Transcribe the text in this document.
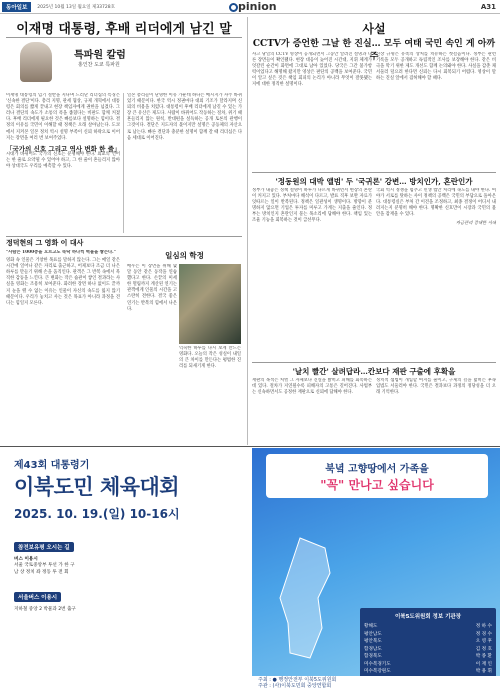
동아일보	2025년 10월 13일 월요일 제33728호	pinion	A31
이재명 대통령, 후배 리더에게 남긴 말
특파원 칼럼
홍인찬 도쿄 특파원
이재명 대통령의 임기 절반을 지나며 드러난 리더십의 특징은 '신속한 결단'이다. 총리 지명, 관세 협상, 규제 개혁에서 대통령은 회의를 짧게 끝내고 현장 책임자에게 권한을 넘겼다. 그러나 결단의 속도가 소통의 폭을 좁혔다는 비판도 함께 커졌다. 후배 리더에게 필요한 것은 빠름보다 설명하는 힘이다. 결정의 이유를 국민이 이해할 때 정책은 오래 살아남는다. 도쿄에서 지켜본 일본 정치 역시 설명 부족이 신뢰 하락으로 이어지는 장면을 여러 번 보여주었다.
「국가의 신호 그리고 역사 변화 한 줄」
시대가 바뀌어도 국가의 신호는 분명해야 한다. 외교의 언어는 한 줄로 요약될 수 있어야 하고, 그 한 줄이 흔들리지 않아야 상대국도 우리를 예측할 수 있다.
일본 총리들이 단명한 이유 가운데 하나는 메시지가 자주 바뀌었기 때문이다. 한국 역시 정권마다 대외 기조가 달라지며 신뢰의 비용을 치렀다. 대통령이 후배 리더에게 남길 수 있는 가장 큰 유산은 제도다. 사람이 바뀌어도 작동하는 절차, 위기 때 흔들리지 않는 원칙, 반대편을 설득하는 공개 토론의 관행이 그것이다. 결단은 지도자의 몫이지만 설명은 공동체의 자산으로 남는다. 빠른 결단과 충분한 설명이 함께 갈 때 리더십은 다음 세대로 이어진다.
정덕현의 그 영화 이 대사
"사람은 1000층을 오르고도 뚝딱 하나씩 벽돌을 쌓는다."
영화 속 인물은 거창한 목표를 말하지 않는다. 그는 매일 같은 시간에 일어나 같은 자리로 출근하고, 어제보다 조금 더 나은 하루를 만들기 위해 손을 움직인다. 관객은 그 반복 속에서 묵직한 감동을 느낀다. 큰 변화는 작은 습관이 쌓인 결과라는 사실을 영화는 조용히 보여준다. 화려한 장면 하나 없이도 끝까지 눈을 뗄 수 없는 이유는 인물이 자신의 속도를 잃지 않기 때문이다. 우리가 놓치고 사는 것은 목표가 아니라 과정을 견디는 힘일지 모른다.
일심의 학정
배우는 이 장면을 위해 몇 달 동안 같은 동작을 연습했다고 한다. 손끝의 미세한 떨림까지 계산된 연기는 관객에게 인물의 시간을 고스란히 전한다. 결국 좋은 연기는 반복의 힘에서 나온다.
익숙한 하루를 다시 보게 만드는 영화다. 오늘의 작은 성실이 내일의 큰 차이를 만든다는 평범한 진리를 되새기게 한다.
사설
CCTV가 증언한 그날 한 진실… 모두 여태 국민 속인 게 아까 주
사고 당일의 CCTV 영상이 공개되면서 그동안 알려진 설명과 다른 장면들이 확인됐다. 현장 대응이 늦어진 시간대, 지휘 체계가 엇갈린 순간이 화면에 그대로 남아 있었다. 당국은 그간 불가항력이었다고 해명해 왔지만 영상은 판단의 공백을 보여준다. 국민이 알고 싶은 것은 책임 회피의 논리가 아니라 무엇이 잘못됐는지에 대한 정직한 설명이다.
진상 규명은 유족의 상처를 치유하는 첫걸음이다. 정부는 관련 기록을 모두 공개하고 독립적인 조사를 보장해야 한다. 같은 비극을 막기 위한 제도 개선도 함께 논의돼야 한다. 사실을 감춘 채 서둘러 덮으려 한다면 신뢰는 다시 회복되기 어렵다. 영상이 말하는 진실 앞에서 겸허해야 할 때다.
'정동원의 대박 앨범' 두 '국귀론' 강변… 방치인가, 혼란인가
정부가 내놓은 정책 설명이 하루가 다르게 바뀌면서 현장의 혼란이 커지고 있다. 부처마다 해석이 다르고, 발표 직후 보완 자료가 잇따르는 일이 반복된다. 정책은 일관성이 생명이다. 방향이 분명하지 않으면 기업은 투자를 미루고 가계는 지출을 줄인다. 정부는 방치인지 혼란인지 묻는 목소리에 답해야 한다. 책임 있는 조율 기능을 회복하는 것이 급선무다.
국회 역시 정쟁을 멈추고 민생 법안 처리에 속도를 내야 한다. 여야가 서로를 탓하는 사이 정책의 공백은 국민의 부담으로 돌아온다. 대통령실은 부처 간 이견을 조정하고, 최종 결정이 어디서 내려지는지 분명히 해야 한다. 명확한 신호만이 시장과 국민의 불안을 잠재울 수 있다.
자금관리 강대한 시대
'날치 빨간' 살려답라…칸보다 재판 구출에 후확을
재판의 목적은 처벌 그 자체보다 진실을 밝히고 피해를 회복하는 데 있다. 절차가 지연될수록 피해자의 고통은 길어진다. 사법부는 신속하면서도 공정한 재판으로 신뢰에 답해야 한다.
정치적 셈법이 개입할 여지를 줄이고, 구제의 길을 넓히는 후속 입법도 서둘러야 한다. 국민은 결과보다 과정의 정당성을 더 오래 기억한다.
제43회 대통령기
이북도민 체육대회
2025. 10. 19.(일) 10-16시
참전보유평 오시는 길
버스 이용시
서울 국토중앙부 투선 가 한 구
남 상 정치 좌 정동 투 전 회
서울버스 이용시
지하철 중앙 2 박물과 2번 출구
북녘 고향땅에서 가족을
"꼭" 만나고 싶습니다
이북5도위원회 정보 기관장
황해도	정 하 수
평안남도	정 경 수
평안북도	오 영 후
함경남도	김 정 호
함경북도	박 종 환
미수복경기도	이 재 인
미수복강원도	박 용 휘
주최 : ● 행정안전부 이북5도위원회
주관 : (사)이북도민회 중앙연합회
